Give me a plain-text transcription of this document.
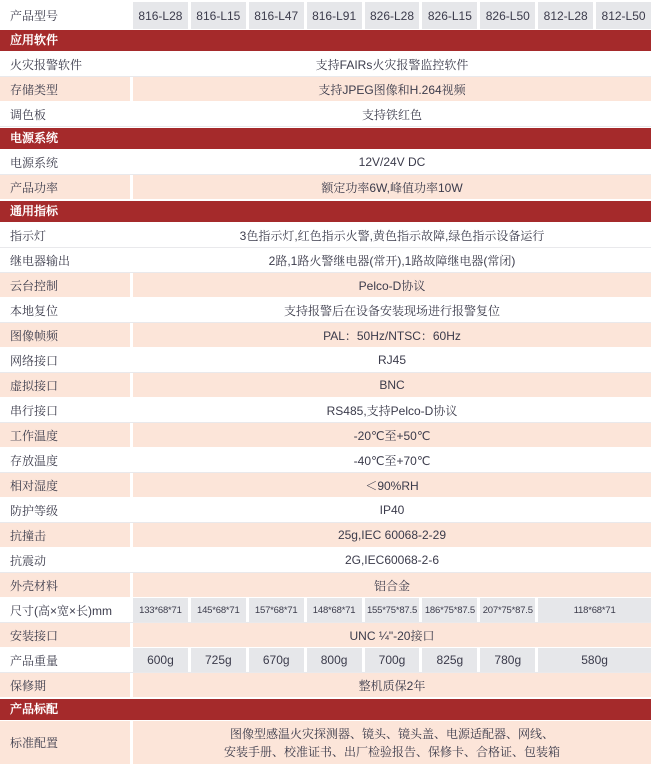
产品型号	816-L28	816-L15	816-L47	816-L91	826-L28	826-L15	826-L50	812-L28	812-L50
应用软件
火灾报警软件	支持FAIRs火灾报警监控软件
存储类型	支持JPEG图像和H.264视频
调色板	支持铁红色
电源系统
电源系统	12V/24V DC
产品功率	额定功率6W,峰值功率10W
通用指标
指示灯	3色指示灯,红色指示火警,黄色指示故障,绿色指示设备运行
继电器输出	2路,1路火警继电器(常开),1路故障继电器(常闭)
云台控制	Pelco-D协议
本地复位	支持报警后在设备安装现场进行报警复位
图像帧频	PAL：50Hz/NTSC：60Hz
网络接口	RJ45
虚拟接口	BNC
串行接口	RS485,支持Pelco-D协议
工作温度	-20℃至+50℃
存放温度	-40℃至+70℃
相对湿度	＜90%RH
防护等级	IP40
抗撞击	25g,IEC 60068-2-29
抗震动	2G,IEC60068-2-6
外壳材料	铝合金
尺寸(高×宽×长)mm	133*68*71	145*68*71	157*68*71	148*68*71	155*75*87.5 186*75*87.5 207*75*87.5	118*68*71
安装接口	UNC ¼"-20接口
产品重量	600g	725g	670g	800g	700g	825g	780g	580g
保修期	整机质保2年
产品标配
标准配置
图像型感温火灾探测器、镜头、镜头盖、电源适配器、网线、
安装手册、校准证书、出厂检验报告、保修卡、合格证、包装箱
